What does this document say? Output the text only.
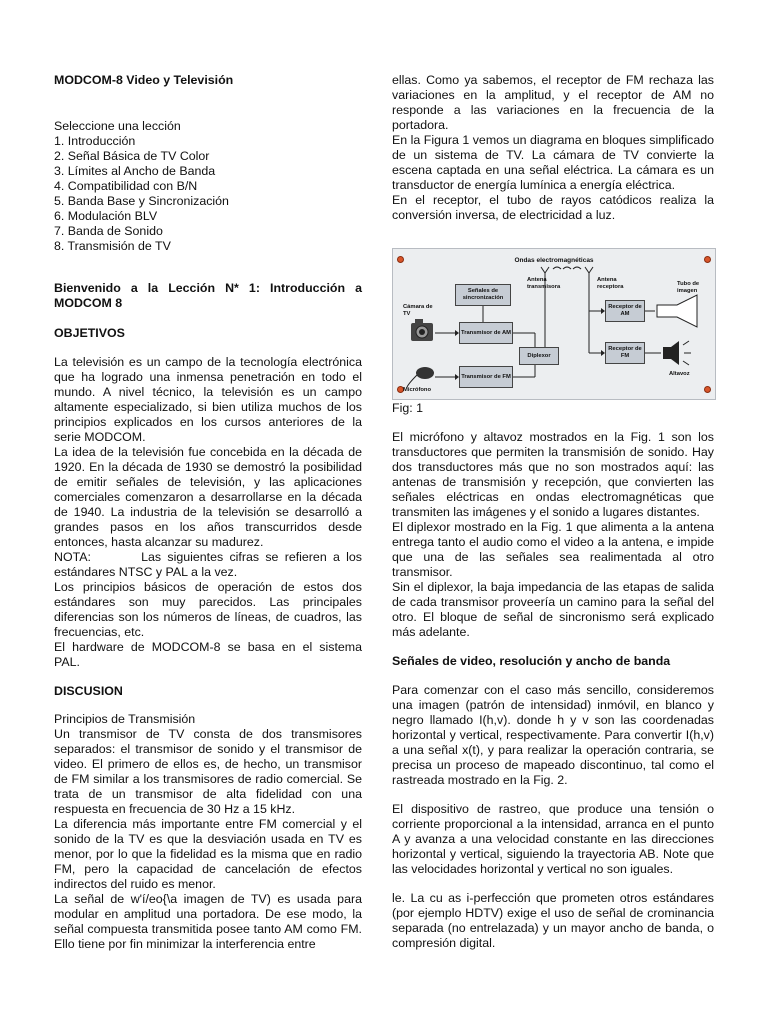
MODCOM-8 Video y Televisión

Seleccione una lección

1. Introducción

2. Señal Básica de TV Color

3. Límites al Ancho de Banda

4. Compatibilidad con B/N

5. Banda Base y Sincronización

6. Modulación BLV

7. Banda de Sonido

8. Transmisión de TV

Bienvenido a la Lección N* 1: Introducción a MODCOM 8

OBJETIVOS

La televisión es un campo de la tecnología electrónica que ha logrado una inmensa penetración en todo el mundo. A nivel técnico, la televisión es un campo altamente especializado, si bien utiliza muchos de los principios explicados en los cursos anteriores de la serie MODCOM.

La idea de la televisión fue concebida en la década de 1920. En la década de 1930 se demostró la posibilidad de emitir señales de televisión, y las aplicaciones comerciales comenzaron a desarrollarse en la década de 1940. La industria de la televisión se desarrolló a grandes pasos en los años transcurridos desde entonces, hasta alcanzar su madurez.

NOTA:        Las siguientes cifras se refieren a los estándares NTSC y PAL a la vez.

Los principios básicos de operación de estos dos estándares son muy parecidos. Las principales diferencias son los números de líneas, de cuadros, las frecuencias, etc.

El hardware de MODCOM-8 se basa en el sistema PAL.

DISCUSION

Principios de Transmisión

Un transmisor de TV consta de dos transmisores separados: el transmisor de sonido y el transmisor de video. El primero de ellos es, de hecho, un transmisor de FM similar a los transmisores de radio comercial. Se trata de un transmisor de alta fidelidad con una respuesta en frecuencia de 30 Hz a 15 kHz.

La diferencia más importante entre FM comercial y el sonido de la TV es que la desviación usada en TV es menor, por lo que la fidelidad es la misma que en radio FM, pero la capacidad de cancelación de efectos indirectos del ruido es menor.

La señal de w'í/eo{\a imagen de TV) es usada para modular en amplitud una portadora. De ese modo, la señal compuesta transmitida posee tanto AM como FM. Ello tiene por fin minimizar la interferencia entre

ellas. Como ya sabemos, el receptor de FM rechaza las variaciones en la amplitud, y el receptor de AM no responde a las variaciones en la frecuencia de la portadora.

En la Figura 1 vemos un diagrama en bloques simplificado de un sistema de TV. La cámara de TV convierte la escena captada en una señal eléctrica. La cámara es un transductor de energía lumínica a energía eléctrica.

En el receptor, el tubo de rayos catódicos realiza la conversión inversa, de electricidad a luz.

Ondas electromagnéticas
Señales de sincronización
Transmisor de AM
Transmisor de FM
Diplexor
Receptor de AM
Receptor de FM
Cámara de TV
Micrófono
Antena transmisora
Antena receptora	Tubo de imagen
Altavoz
Fig: 1

El micrófono y altavoz mostrados en la Fig. 1 son los transductores que permiten la transmisión de sonido. Hay dos transductores más que no son mostrados aquí: las antenas de transmisión y recepción, que convierten las señales eléctricas en ondas electromagnéticas que transmiten las imágenes y el sonido a lugares distantes.

El diplexor mostrado en la Fig. 1 que alimenta a la antena entrega tanto el audio como el video a la antena, e impide que una de las señales sea realimentada al otro transmisor.

Sin el diplexor, la baja impedancia de las etapas de salida de cada transmisor proveería un camino para la señal del otro. El bloque de señal de sincronismo será explicado más adelante.

Señales de video, resolución y ancho de banda

Para comenzar con el caso más sencillo, consideremos una imagen (patrón de intensidad) inmóvil, en blanco y negro llamado I(h,v). donde h y v son las coordenadas horizontal y vertical, respectivamente. Para convertir I(h,v) a una señal x(t), y para realizar la operación contraria, se precisa un proceso de mapeado discontinuo, tal como el rastreada mostrado en la Fig. 2.

El dispositivo de rastreo, que produce una tensión o corriente proporcional a la intensidad, arranca en el punto A y avanza a una velocidad constante en las direcciones horizontal y vertical, siguiendo la trayectoria AB. Note que las velocidades horizontal y vertical no son iguales.

le. La cu as i-perfección que prometen otros estándares (por ejemplo HDTV) exige el uso de señal de crominancia separada (no entrelazada) y un mayor ancho de banda, o compresión digital.
